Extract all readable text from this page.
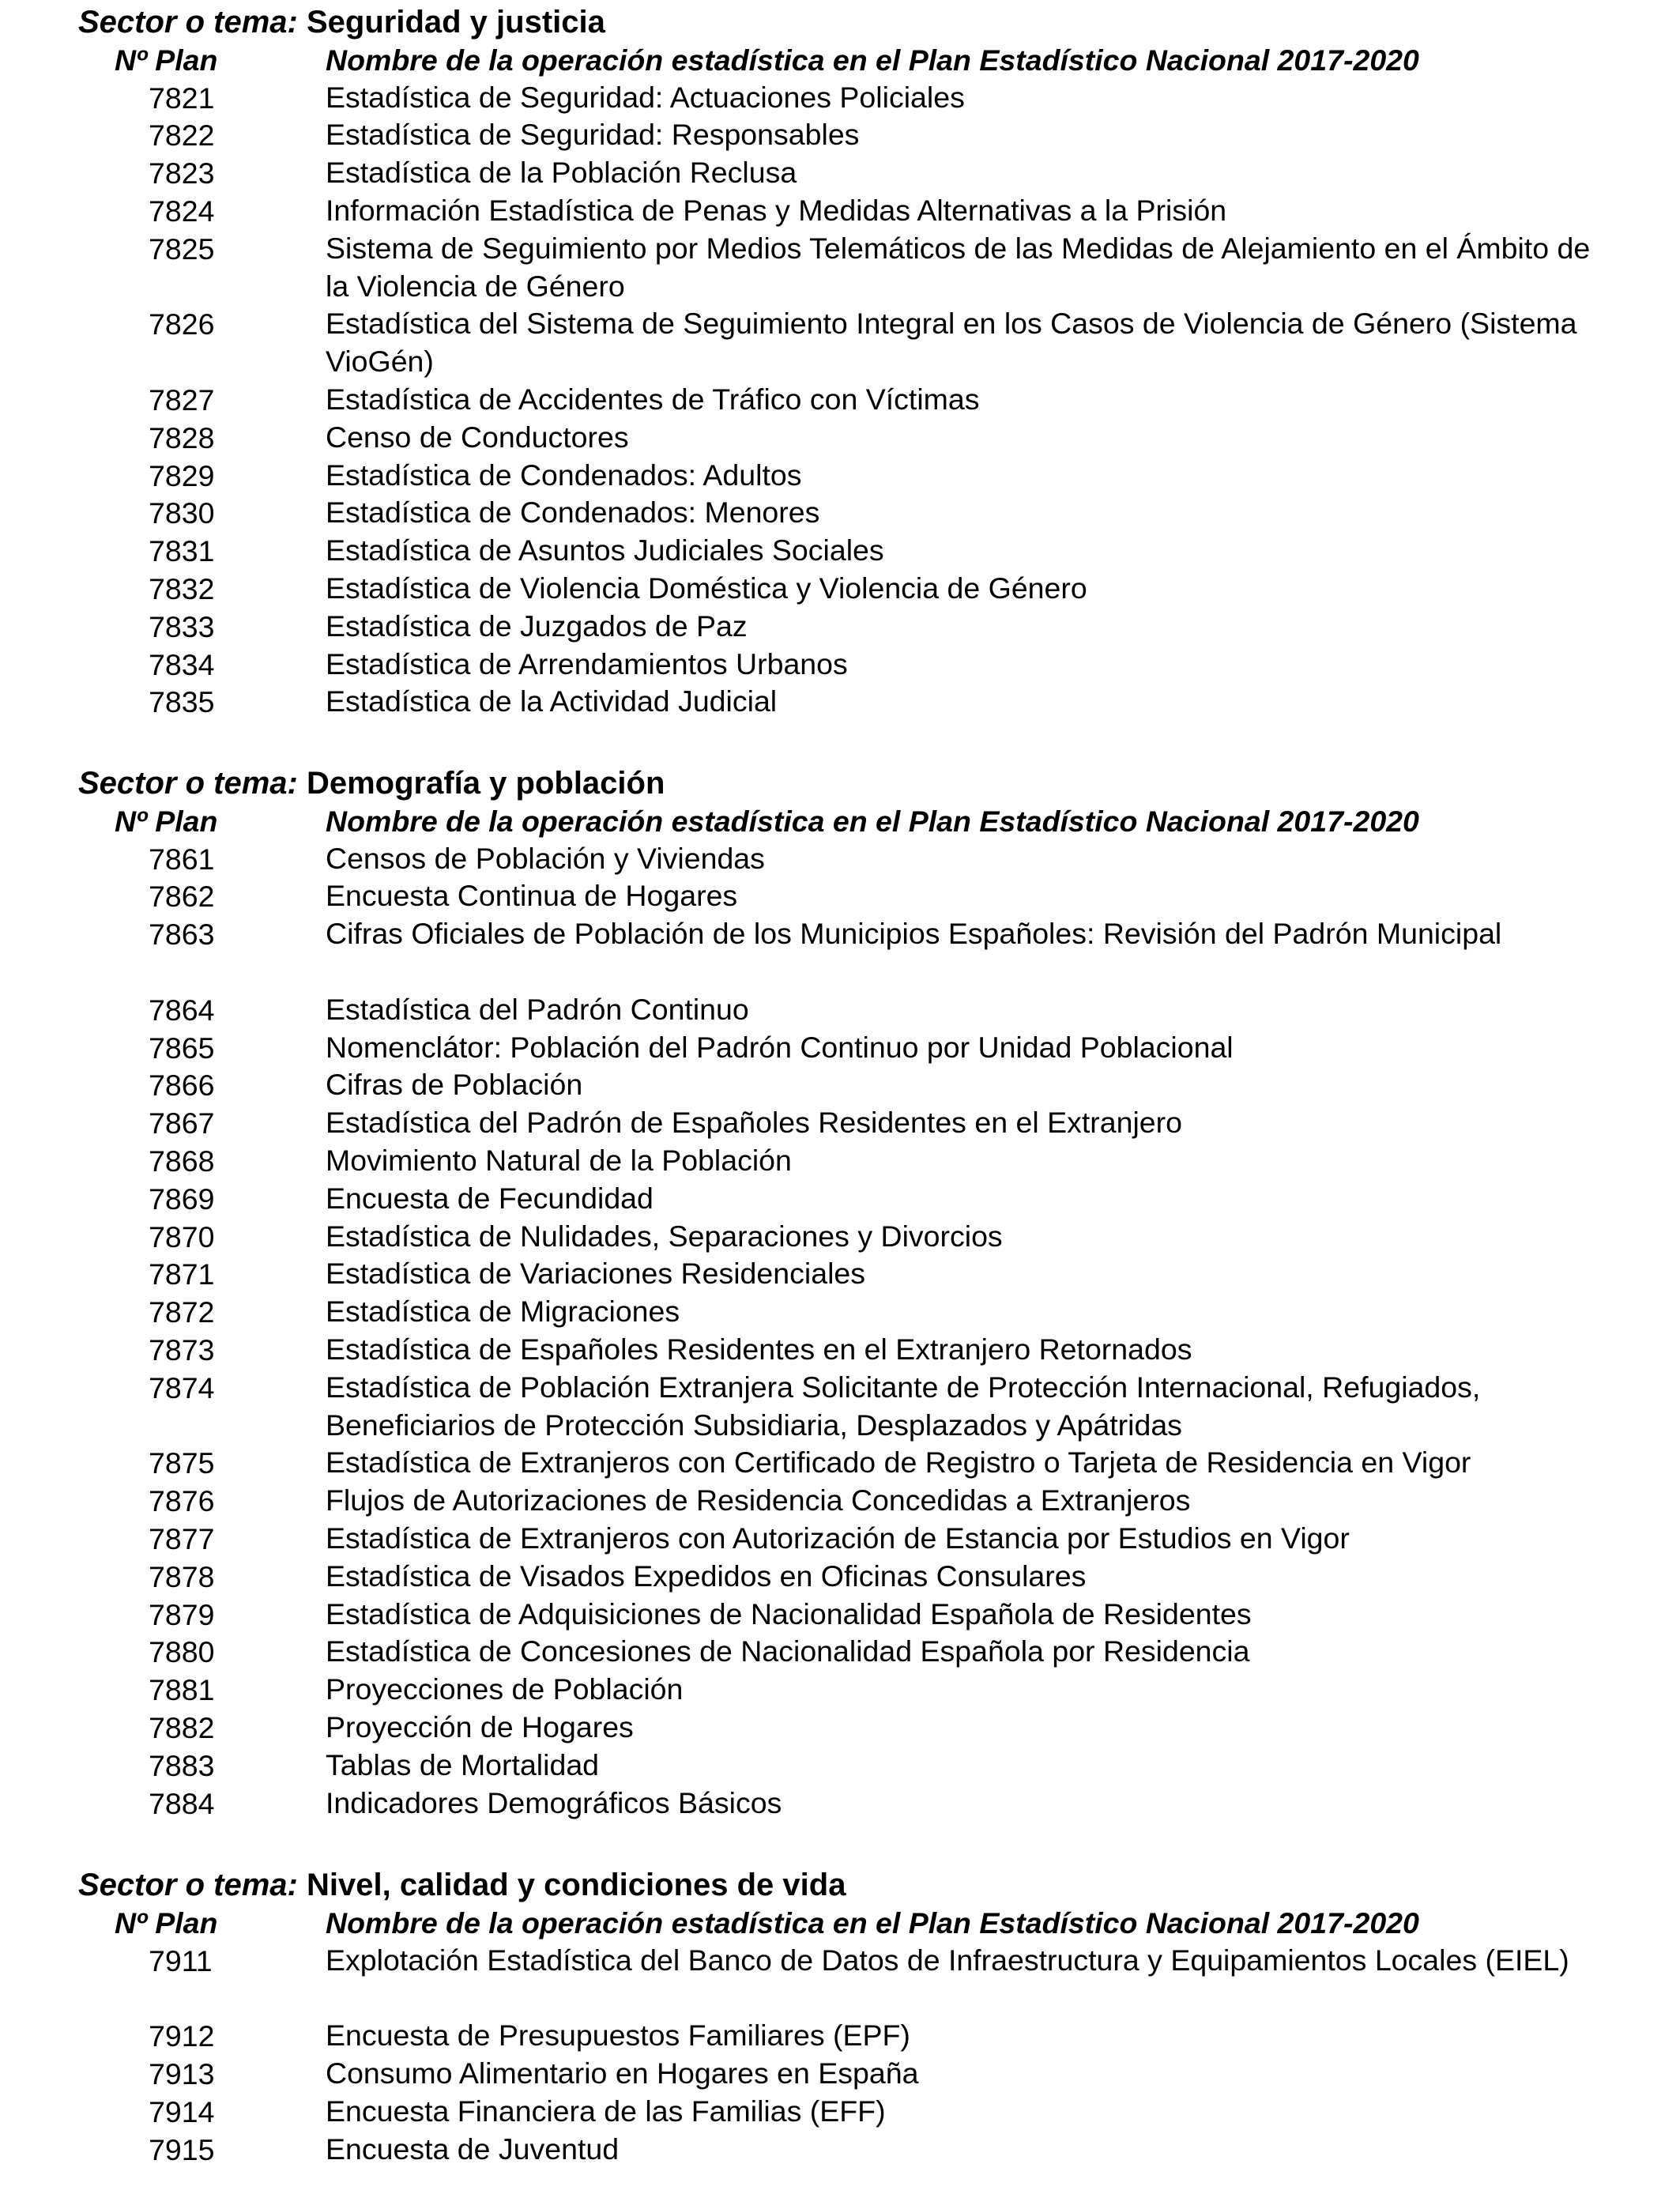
Sector o tema: Seguridad y justicia
Nº Plan	Nombre de la operación estadística en el Plan Estadístico Nacional 2017-2020
7821	Estadística de Seguridad: Actuaciones Policiales
7822	Estadística de Seguridad: Responsables
7823	Estadística de la Población Reclusa
7824	Información Estadística de Penas y Medidas Alternativas a la Prisión
7825	Sistema de Seguimiento por Medios Telemáticos de las Medidas de Alejamiento en el Ámbito de la Violencia de Género
7826	Estadística del Sistema de Seguimiento Integral en los Casos de Violencia de Género (Sistema VioGén)
7827	Estadística de Accidentes de Tráfico con Víctimas
7828	Censo de Conductores
7829	Estadística de Condenados: Adultos
7830	Estadística de Condenados: Menores
7831	Estadística de Asuntos Judiciales Sociales
7832	Estadística de Violencia Doméstica y Violencia de Género
7833	Estadística de Juzgados de Paz
7834	Estadística de Arrendamientos Urbanos
7835	Estadística de la Actividad Judicial
Sector o tema: Demografía y población
Nº Plan	Nombre de la operación estadística en el Plan Estadístico Nacional 2017-2020
7861	Censos de Población y Viviendas
7862	Encuesta Continua de Hogares
7863	Cifras Oficiales de Población de los Municipios Españoles: Revisión del Padrón Municipal
7864	Estadística del Padrón Continuo
7865	Nomenclátor: Población del Padrón Continuo por Unidad Poblacional
7866	Cifras de Población
7867	Estadística del Padrón de Españoles Residentes en el Extranjero
7868	Movimiento Natural de la Población
7869	Encuesta de Fecundidad
7870	Estadística de Nulidades, Separaciones y Divorcios
7871	Estadística de Variaciones Residenciales
7872	Estadística de Migraciones
7873	Estadística de Españoles Residentes en el Extranjero Retornados
7874	Estadística de Población Extranjera Solicitante de Protección Internacional, Refugiados, Beneficiarios de Protección Subsidiaria, Desplazados y Apátridas
7875	Estadística de Extranjeros con Certificado de Registro o Tarjeta de Residencia en Vigor
7876	Flujos de Autorizaciones de Residencia Concedidas a Extranjeros
7877	Estadística de Extranjeros con Autorización de Estancia por Estudios en Vigor
7878	Estadística de Visados Expedidos en Oficinas Consulares
7879	Estadística de Adquisiciones de Nacionalidad Española de Residentes
7880	Estadística de Concesiones de Nacionalidad Española por Residencia
7881	Proyecciones de Población
7882	Proyección de Hogares
7883	Tablas de Mortalidad
7884	Indicadores Demográficos Básicos
Sector o tema: Nivel, calidad y condiciones de vida
Nº Plan	Nombre de la operación estadística en el Plan Estadístico Nacional 2017-2020
7911	Explotación Estadística del Banco de Datos de Infraestructura y Equipamientos Locales (EIEL)
7912	Encuesta de Presupuestos Familiares (EPF)
7913	Consumo Alimentario en Hogares en España
7914	Encuesta Financiera de las Familias (EFF)
7915	Encuesta de Juventud
